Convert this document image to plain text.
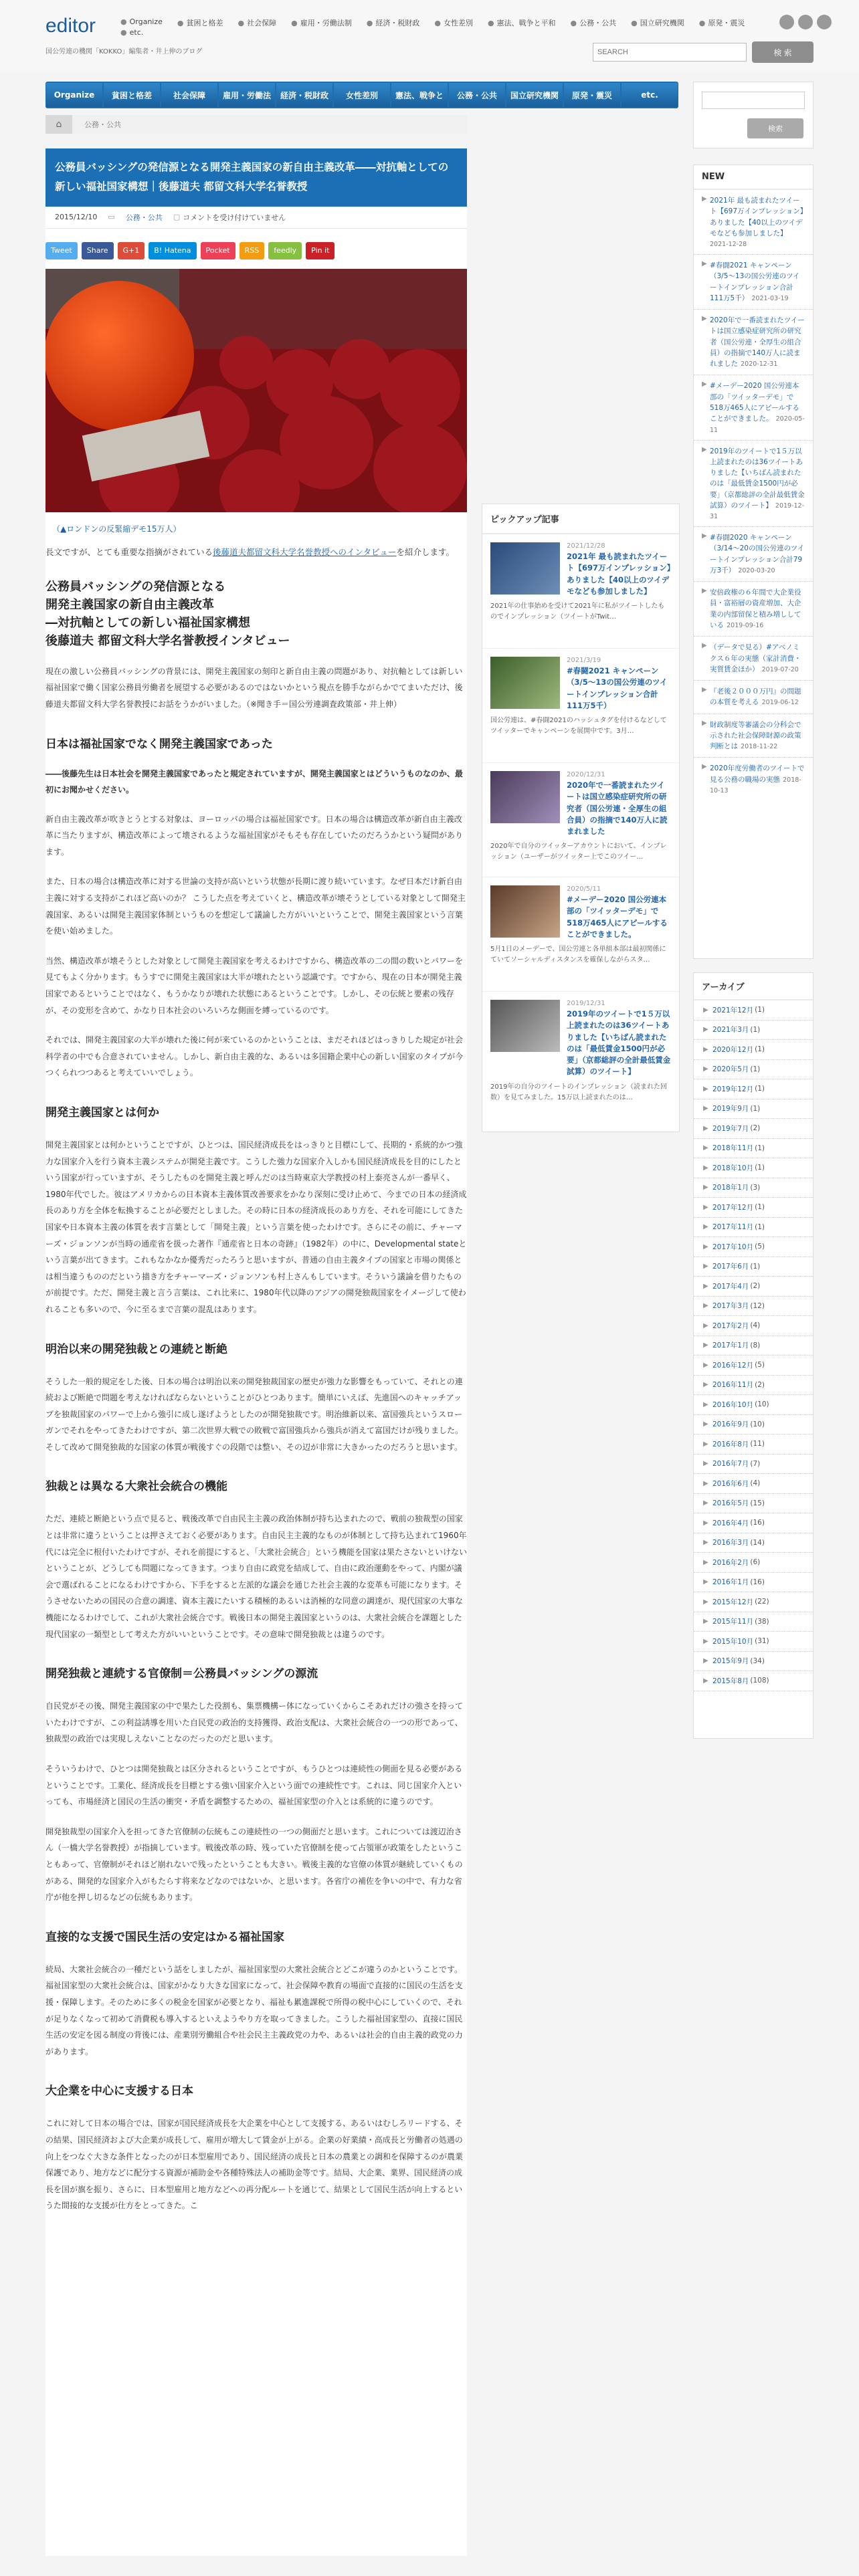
editor
国公労連の機関「KOKKO」編集者・井上伸のブログ
● Organize ● 貧困と格差 ● 社会保障 ● 雇用・労働法制 ● 経済・税財政 ● 女性差別 ● 憲法、戦争と平和 ● 公務・公共 ● 国立研究機関 ● 原発・震災
● etc.
SEARCH
検 索
Organize	貧困と格差	社会保障	雇用・労働法	経済・税財政	女性差別	憲法、戦争と	公務・公共	国立研究機関	原発・震災	etc.
⌂	公務・公共
公務員バッシングの発信源となる開発主義国家の新自由主義改革――対抗軸としての新しい福祉国家構想｜後藤道夫 都留文科大学名誉教授
2015/12/10 ▭ 公務・公共 ▢ コメントを受け付けていません
Tweet	Share	G+1	B! Hatena	Pocket	RSS	feedly	Pin it
（▲ロンドンの反緊縮デモ15万人）
長文ですが、とても重要な指摘がされている後藤道夫都留文科大学名誉教授へのインタビューを紹介します。
公務員バッシングの発信源となる
開発主義国家の新自由主義改革
―対抗軸としての新しい福祉国家構想
後藤道夫 都留文科大学名誉教授インタビュー

現在の激しい公務員バッシングの背景には、開発主義国家の刻印と新自由主義の問題があり、対抗軸としては新しい福祉国家で働く国家公務員労働者を展望する必要があるのではないかという視点を勝手ながらかでてまいただけ、後藤道夫都留文科大学名誉教授にお話をうかがいました。（※聞き手＝国公労連調査政策部・井上伸）

日本は福祉国家でなく開発主義国家であった

――後藤先生は日本社会を開発主義国家であったと規定されていますが、開発主義国家とはどういうものなのか、最初にお聞かせください。

新自由主義改革が吹きとうとする対象は、ヨーロッパの場合は福祉国家です。日本の場合は構造改革が新自由主義改革に当たりますが、構造改革によって壊されるような福祉国家がそもそも存在していたのだろうかという疑問があります。

また、日本の場合は構造改革に対する世論の支持が高いという状態が長期に渡り続いています。なぜ日本だけ新自由主義に対する支持がこれほど高いのか？ こうした点を考えていくと、構造改革が壊そうとしている対象として開発主義国家、あるいは開発主義国家体制というものを想定して議論した方がいいということで、開発主義国家という言葉を使い始めました。

当然、構造改革が壊そうとした対象として開発主義国家を考えるわけですから、構造改革の二の間の数いとパワーを見てもよく分かります。もうすでに開発主義国家は大半が壊れたという認識です。ですから、現在の日本が開発主義国家であるということではなく、もうかなりが壊れた状態にあるということです。しかし、その伝統と要素の残存が、その変形を含めて、かなり日本社会のいろいろな側面を縛っているのです。

それでは、開発主義国家の大半が壊れた後に何が来ているのかということは、まだそれほどはっきりした規定が社会科学者の中でも合意されていません。しかし、新自由主義的な、あるいは多国籍企業中心の新しい国家のタイプが今つくられつつあると考えていいでしょう。

開発主義国家とは何か

開発主義国家とは何かということですが、ひとつは、国民経済成長をはっきりと目標にして、長期的・系統的かつ強力な国家介入を行う資本主義システムが開発主義です。こうした強力な国家介入しかも国民経済成長を目的にしたという国家が行っていますが、そうしたものを開発主義と呼んだのは当時東京大学教授の村上泰亮さんが一番早く、1980年代でした。彼はアメリカからの日本資本主義体質改善要求をかなり深刻に受け止めて、今までの日本の経済成長のあり方を全体を転換することが必要だとしました。その時に日本の経済成長のあり方を、それを可能にしてきた国家や日本資本主義の体質を表す言葉として「開発主義」という言葉を使ったわけです。さらにその前に、チャーマーズ・ジョンソンが当時の通産省を扱った著作『通産省と日本の奇跡』（1982年）の中に、Developmental stateという言葉が出てきます。これもなかなか優秀だったろうと思いますが、普通の自由主義タイプの国家と市場の関係とは相当違うもののだという描き方をチャーマーズ・ジョンソンも村上さんもしています。そういう議論を借りたものが前提です。ただ、開発主義と言う言葉は、これ比来に、1980年代以降のアジアの開発独裁国家をイメージして使われることも多いので、今に至るまで言葉の混乱はあります。

明治以来の開発独裁との連続と断絶

そうした一般的規定をした後、日本の場合は明治以来の開発独裁国家の歴史が強力な影響をもっていて、それとの連続および断絶で問題を考えなければならないということがひとつあります。簡単にいえば、先進国へのキャッチアップを独裁国家のパワーで上から強引に成し遂げようとしたのが開発独裁です。明治維新以来、富国強兵というスローガンでそれをやってきたわけですが、第二次世界大戦での敗戦で富国強兵から強兵が消えて富国だけが残りました。そして改めて開発独裁的な国家の体質が戦後すぐの段階では整い、その辺が非常に大きかったのだろうと思います。

独裁とは異なる大衆社会統合の機能

ただ、連続と断絶という点で見ると、戦後改革で自由民主主義の政治体制が持ち込まれたので、戦前の独裁型の国家とは非常に違うということは押さえておく必要があります。自由民主主義的なものが体制として持ち込まれて1960年代には完全に根付いたわけですが、それを前提にすると、「大衆社会統合」という機能を国家は果たさないといけないということが、どうしても問題になってきます。つまり自由に政党を結成して、自由に政治運動をやって、内閣が議会で選ばれることになるわけですから、下手をすると左派的な議会を通じた社会主義的な変革も可能になります。そうさせないための国民の合意の調達、資本主義にたいする積極的あるいは消極的な同意の調達が、現代国家の大事な機能になるわけでして、これが大衆社会統合です。戦後日本の開発主義国家というのは、大衆社会統合を課題とした現代国家の一類型として考えた方がいいということです。その意味で開発独裁とは違うのです。

開発独裁と連続する官僚制＝公務員バッシングの源流

自民党がその後、開発主義国家の中で果たした役割も、集票機構ー体になっていくからこそあれだけの強さを持っていたわけですが、この利益誘導を用いた自民党の政治的支持獲得、政治支配は、大衆社会統合の一つの形であって、独裁型の政治では実現しえないことなのだったのだと思います。

そういうわけで、ひとつは開発独裁とは区分されるということですが、もうひとつは連続性の側面を見る必要があるということです。工業化、経済成長を目標とする強い国家介入という面での連続性です。これは、同じ国家介入といっても、市場経済と国民の生活の衝突・矛盾を調整するための、福祉国家型の介入とは系統的に違うのです。

開発独裁型の国家介入を担ってきた官僚制の伝統もこの連続性の一つの側面だと思います。これについては渡辺治さん（一橋大学名誉教授）が指摘しています。戦後改革の時、残っていた官僚制を使って占領軍が政策をしたということもあって、官僚制がそれほど崩れないで残ったということも大きい。戦後主義的な官僚の体質が継続していくものがある、開発的な国家介入がもたらす将来などなのではないか、と思います。各省庁の補佐を争いの中で、有力な省庁が他を押し切るなどの伝統もあります。

直接的な支援で国民生活の安定はかる福祉国家

続局、大衆社会統合の一種だという話をしましたが、福祉国家型の大衆社会統合とどこが違うのかということです。福祉国家型の大衆社会統合は、国家がかなり大きな国家になって、社会保障や教育の場面で直接的に国民の生活を支援・保障します。そのために多くの税金を国家が必要となり、福祉も累進課税で所得の税中心にしていくので、それが足りなくなって初めて消費税も導入するといえようやり方を取ってきました。こうした福祉国家型の、直接に国民生活の安定を図る制度の背後には、産業別労働組合や社会民主主義政党の力や、あるいは社会的自由主義的政党の力があります。

大企業を中心に支援する日本

これに対して日本の場合では、国家が国民経済成長を大企業を中心として支援する、あるいはむしろリードする、その結果、国民経済および大企業が成長して、雇用が増大して賃金が上がる。企業の好業績・高成長と労働者の処遇の向上をつなぐ大きな条件となったのが日本型雇用であり、国民経済の成長と日本の農業との調和を保障するのが農業保護であり、地方などに配分する資源が補助金や各種特殊法人の補助金等です。結局、大企業、業界、国民経済の成長を国が旗を振り、さらに、日本型雇用と地方などへの再分配ルートを通じて、結果として国民生活が向上するというた間接的な支援が仕方をとってきた。こ

ピックアップ記事
2021/12/28
2021年 最も読まれたツイート【697万インプレッション】ありました【40以上のツイデモなども参加しました】
2021年の仕事始めを受けて2021年に私がツイートしたものでインプレッション（ツイートがTwit…
2021/3/19
#春闘2021 キャンペーン（3/5〜13の国公労連のツイートインプレッション合計111万5千）
国公労連は、#春闘2021のハッシュタグを付けるなどしてツイッターでキャンペーンを展開中です。3月…
2020/12/31
2020年で一番読まれたツイートは国立感染症研究所の研究者（国公労連・全厚生の組合員）の指摘で140万人に読まれました
2020年で自分のツイッターアカウントにおいて、インプレッション（ユーザーがツイッター上でこのツイー…
2020/5/11
#メーデー2020 国公労連本部の「ツイッターデモ」で518万465人にアピールすることができました。
5月1日のメーデーで、国公労連と各単組本部は最初関係にていてソーシャルディスタンスを確保しながらスタ…
2019/12/31
2019年のツイートで1５万以上読まれたのは36ツイートありました【いちばん読まれたのは「最低賃金1500円が必要」（京都総評の全計最低賃金試算）のツイート】
2019年の自分のツイートのインプレッション（読まれた回数）を見てみました。15万以上読まれたのは…
検索
NEW
▶ 2021年 最も読まれたツイート【697万インプレッション】ありました【40以上のツイデモなども参加しました】 2021-12-28
▶ #春闘2021 キャンペーン（3/5〜13の国公労連のツイートインプレッション合計111万5千） 2021-03-19
▶ 2020年で一番読まれたツイートは国立感染症研究所の研究者（国公労連・全厚生の組合員）の指摘で140万人に読まれました 2020-12-31
▶ #メーデー2020 国公労連本部の「ツイッターデモ」で518万465人にアピールすることができました。 2020-05-11
▶ 2019年のツイートで1５万以上読まれたのは36ツイートありました【いちばん読まれたのは「最低賃金1500円が必要」（京都総評の全計最低賃金試算）のツイート】 2019-12-31
▶ #春闘2020 キャンペーン（3/14〜20の国公労連のツイートインプレッション合計79万3千） 2020-03-20
▶ 安倍政権の６年間で大企業役員・富裕層の資産増加、大企業の内部留保と積み増ししている 2019-09-16
▶ （データで見る）#アベノミクス６年の実態（家計消費・実質賃金ほか） 2019-07-20
▶ 『老後２０００万円』の問題の本質を考える 2019-06-12
▶ 財政制度等審議会の分科会で示された社会保障財源の政策判断とは 2018-11-22
▶ 2020年度労働者のツイートで見る公務の職場の実態 2018-10-13
アーカイブ
▶ 2021年12月 (1)
▶ 2021年3月 (1)
▶ 2020年12月 (1)
▶ 2020年5月 (1)
▶ 2019年12月 (1)
▶ 2019年9月 (1)
▶ 2019年7月 (2)
▶ 2018年11月 (1)
▶ 2018年10月 (1)
▶ 2018年1月 (3)
▶ 2017年12月 (1)
▶ 2017年11月 (1)
▶ 2017年10月 (5)
▶ 2017年6月 (1)
▶ 2017年4月 (2)
▶ 2017年3月 (12)
▶ 2017年2月 (4)
▶ 2017年1月 (8)
▶ 2016年12月 (5)
▶ 2016年11月 (2)
▶ 2016年10月 (10)
▶ 2016年9月 (10)
▶ 2016年8月 (11)
▶ 2016年7月 (7)
▶ 2016年6月 (4)
▶ 2016年5月 (15)
▶ 2016年4月 (16)
▶ 2016年3月 (14)
▶ 2016年2月 (6)
▶ 2016年1月 (16)
▶ 2015年12月 (22)
▶ 2015年11月 (38)
▶ 2015年10月 (31)
▶ 2015年9月 (34)
▶ 2015年8月 (108)
